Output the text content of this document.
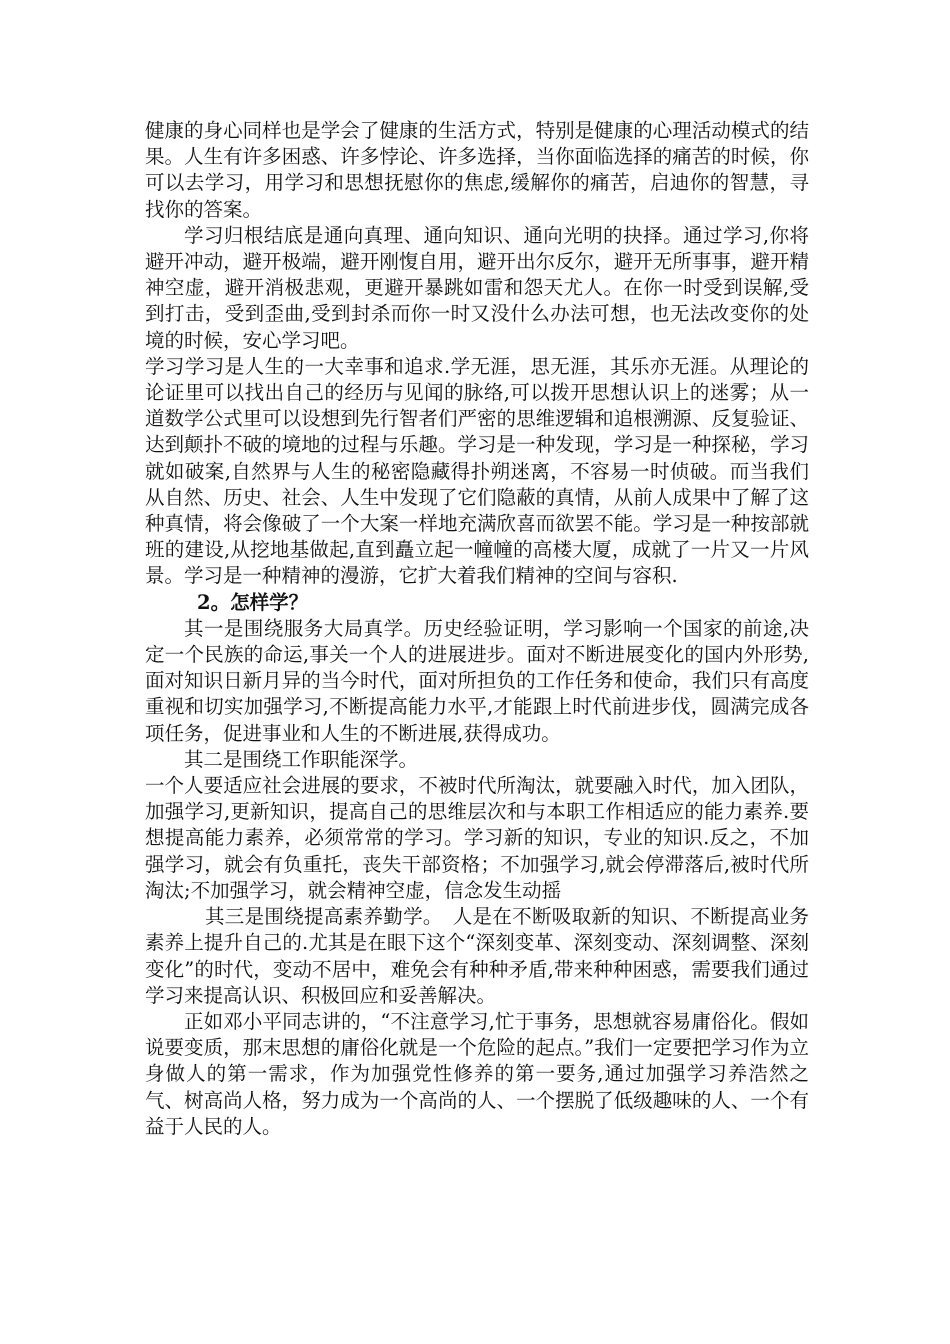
健康的身心同样也是学会了健康的生活方式，特别是健康的心理活动模式的结果。人生有许多困惑、许多悖论、许多选择，当你面临选择的痛苦的时候，你可以去学习，用学习和思想抚慰你的焦虑,缓解你的痛苦，启迪你的智慧，寻找你的答案。

学习归根结底是通向真理、通向知识、通向光明的抉择。通过学习,你将避开冲动，避开极端，避开刚愎自用，避开出尔反尔，避开无所事事，避开精神空虚，避开消极悲观，更避开暴跳如雷和怨天尤人。在你一时受到误解,受到打击，受到歪曲,受到封杀而你一时又没什么办法可想，也无法改变你的处境的时候，安心学习吧。

学习学习是人生的一大幸事和追求.学无涯，思无涯，其乐亦无涯。从理论的论证里可以找出自己的经历与见闻的脉络,可以拨开思想认识上的迷雾；从一道数学公式里可以设想到先行智者们严密的思维逻辑和追根溯源、反复验证、达到颠扑不破的境地的过程与乐趣。学习是一种发现，学习是一种探秘，学习就如破案,自然界与人生的秘密隐藏得扑朔迷离，不容易一时侦破。而当我们从自然、历史、社会、人生中发现了它们隐蔽的真情，从前人成果中了解了这种真情，将会像破了一个大案一样地充满欣喜而欲罢不能。学习是一种按部就班的建设,从挖地基做起,直到矗立起一幢幢的高楼大厦，成就了一片又一片风景。学习是一种精神的漫游，它扩大着我们精神的空间与容积.

2。怎样学？

其一是围绕服务大局真学。历史经验证明，学习影响一个国家的前途,决定一个民族的命运,事关一个人的进展进步。面对不断进展变化的国内外形势,面对知识日新月异的当今时代，面对所担负的工作任务和使命，我们只有高度重视和切实加强学习,不断提高能力水平,才能跟上时代前进步伐，圆满完成各项任务，促进事业和人生的不断进展,获得成功。

其二是围绕工作职能深学。

一个人要适应社会进展的要求，不被时代所淘汰，就要融入时代，加入团队，加强学习,更新知识，提高自己的思维层次和与本职工作相适应的能力素养.要想提高能力素养，必须常常的学习。学习新的知识，专业的知识.反之，不加强学习，就会有负重托，丧失干部资格；不加强学习,就会停滞落后,被时代所淘汰;不加强学习，就会精神空虚，信念发生动摇

其三是围绕提高素养勤学。　人是在不断吸取新的知识、不断提高业务素养上提升自己的.尤其是在眼下这个“深刻变革、深刻变动、深刻调整、深刻变化”的时代，变动不居中，难免会有种种矛盾,带来种种困惑，需要我们通过学习来提高认识、积极回应和妥善解决。

正如邓小平同志讲的，“不注意学习,忙于事务，思想就容易庸俗化。假如说要变质，那末思想的庸俗化就是一个危险的起点。”我们一定要把学习作为立身做人的第一需求，作为加强党性修养的第一要务,通过加强学习养浩然之气、树高尚人格，努力成为一个高尚的人、一个摆脱了低级趣味的人、一个有益于人民的人。
